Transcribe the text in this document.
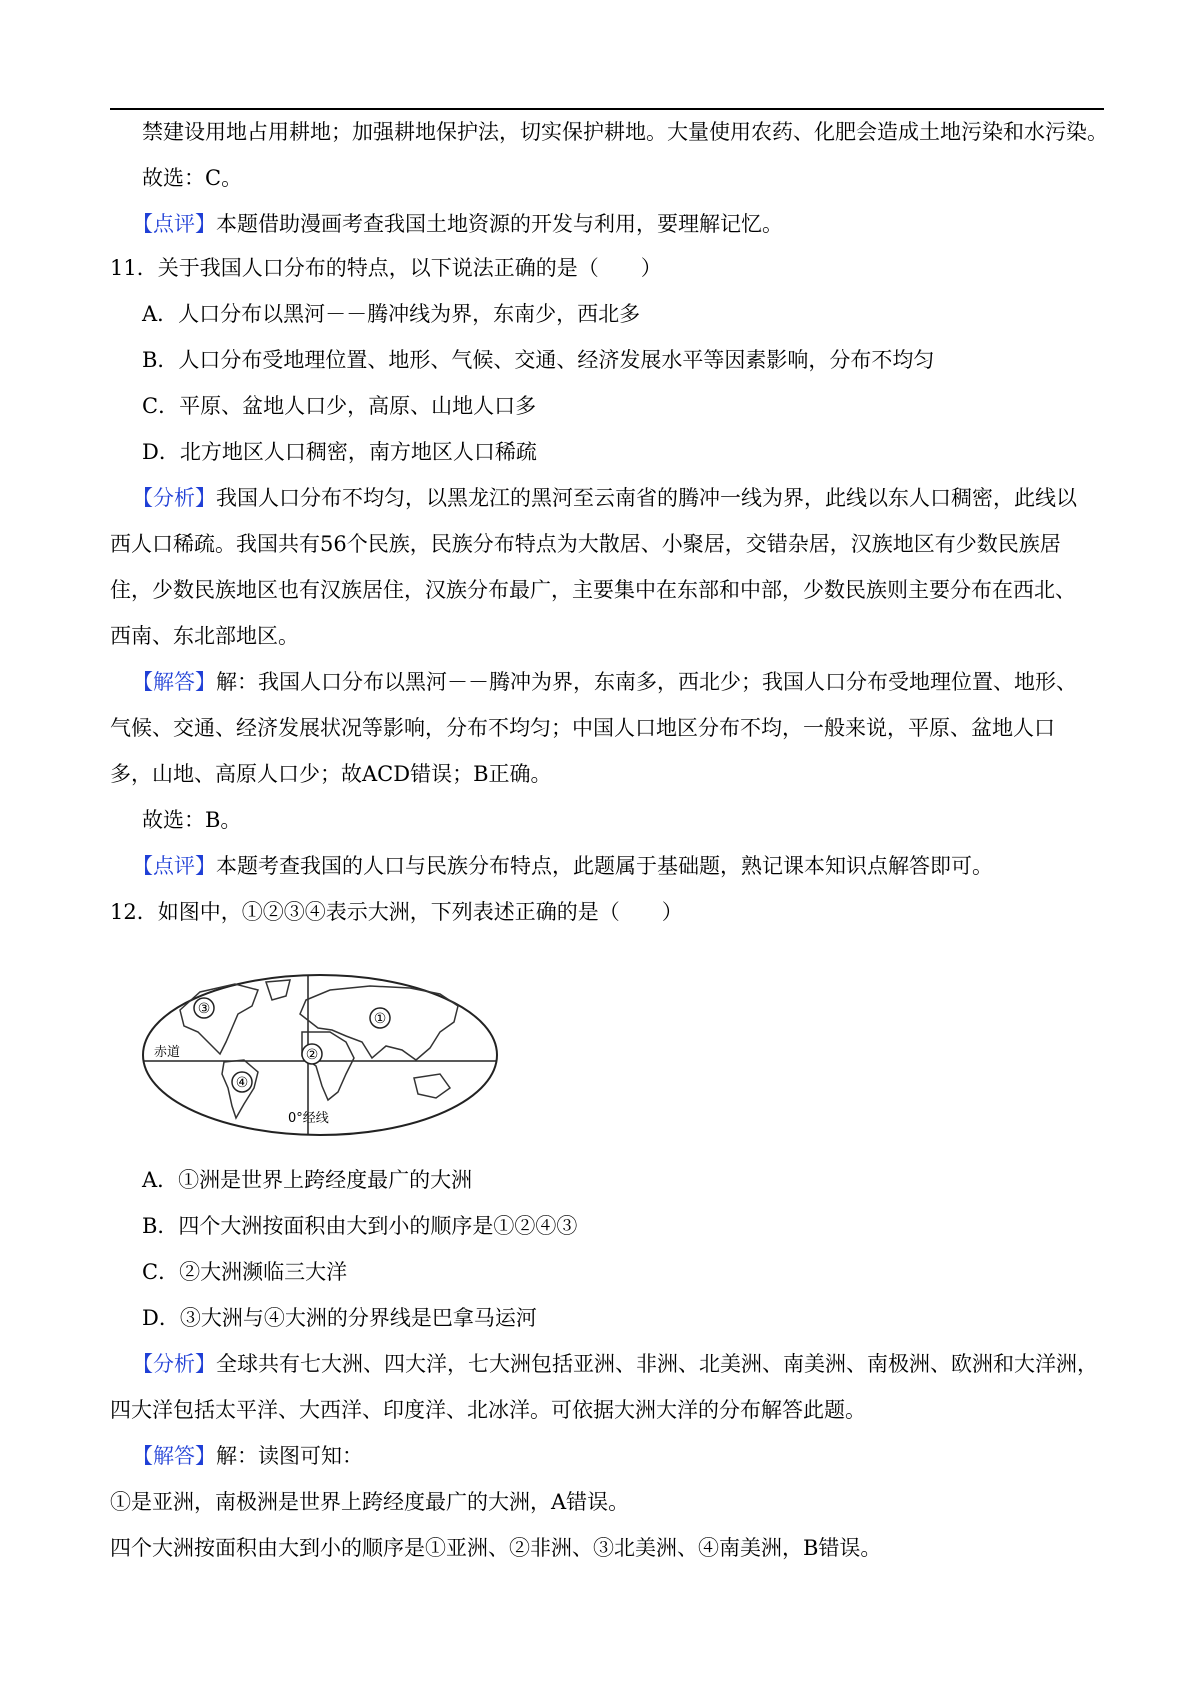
禁建设用地占用耕地；加强耕地保护法，切实保护耕地。大量使用农药、化肥会造成土地污染和水污染。
故选：C。
【点评】本题借助漫画考查我国土地资源的开发与利用，要理解记忆。
11．关于我国人口分布的特点，以下说法正确的是（　　）
A．人口分布以黑河－－腾冲线为界，东南少，西北多
B．人口分布受地理位置、地形、气候、交通、经济发展水平等因素影响，分布不均匀
C．平原、盆地人口少，高原、山地人口多
D．北方地区人口稠密，南方地区人口稀疏
【分析】我国人口分布不均匀，以黑龙江的黑河至云南省的腾冲一线为界，此线以东人口稠密，此线以
西人口稀疏。我国共有56个民族，民族分布特点为大散居、小聚居，交错杂居，汉族地区有少数民族居
住，少数民族地区也有汉族居住，汉族分布最广，主要集中在东部和中部，少数民族则主要分布在西北、
西南、东北部地区。
【解答】解：我国人口分布以黑河－－腾冲为界，东南多，西北少；我国人口分布受地理位置、地形、
气候、交通、经济发展状况等影响，分布不均匀；中国人口地区分布不均，一般来说，平原、盆地人口
多，山地、高原人口少；故ACD错误；B正确。
故选：B。
【点评】本题考查我国的人口与民族分布特点，此题属于基础题，熟记课本知识点解答即可。
12．如图中，①②③④表示大洲，下列表述正确的是（　　）
①
②
③
④
赤道
0°经线
A．①洲是世界上跨经度最广的大洲
B．四个大洲按面积由大到小的顺序是①②④③
C．②大洲濒临三大洋
D．③大洲与④大洲的分界线是巴拿马运河
【分析】全球共有七大洲、四大洋，七大洲包括亚洲、非洲、北美洲、南美洲、南极洲、欧洲和大洋洲，
四大洋包括太平洋、大西洋、印度洋、北冰洋。可依据大洲大洋的分布解答此题。
【解答】解：读图可知：
①是亚洲，南极洲是世界上跨经度最广的大洲，A错误。
四个大洲按面积由大到小的顺序是①亚洲、②非洲、③北美洲、④南美洲，B错误。
